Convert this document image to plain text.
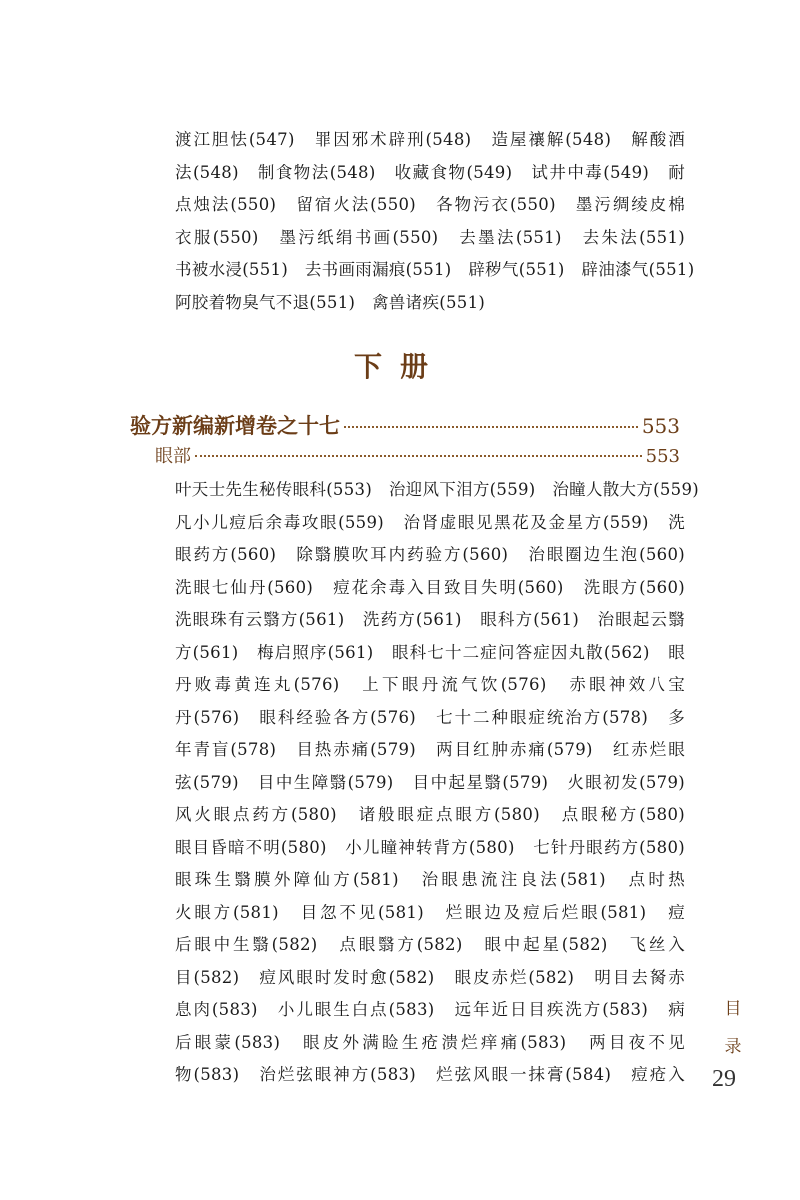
渡江胆怯(547)　罪因邪术辟刑(548)　造屋禳解(548)　解酸酒
法(548)　制食物法(548)　收藏食物(549)　试井中毒(549)　耐
点烛法(550)　留宿火法(550)　各物污衣(550)　墨污绸绫皮棉
衣服(550)　墨污纸绢书画(550)　去墨法(551)　去朱法(551)
书被水浸(551)　去书画雨漏痕(551)　辟秽气(551)　辟油漆气(551)
阿胶着物臭气不退(551)　禽兽诸疾(551)
下册
验方新编新增卷之十七	553
眼部	553
叶天士先生秘传眼科(553)　治迎风下泪方(559)　治瞳人散大方(559)
凡小儿痘后余毒攻眼(559)　治肾虚眼见黑花及金星方(559)　洗
眼药方(560)　除翳膜吹耳内药验方(560)　治眼圈边生泡(560)
洗眼七仙丹(560)　痘花余毒入目致目失明(560)　洗眼方(560)
洗眼珠有云翳方(561)　洗药方(561)　眼科方(561)　治眼起云翳
方(561)　梅启照序(561)　眼科七十二症问答症因丸散(562)　眼
丹败毒黄连丸(576)　上下眼丹流气饮(576)　赤眼神效八宝
丹(576)　眼科经验各方(576)　七十二种眼症统治方(578)　多
年青盲(578)　目热赤痛(579)　两目红肿赤痛(579)　红赤烂眼
弦(579)　目中生障翳(579)　目中起星翳(579)　火眼初发(579)
风火眼点药方(580)　诸般眼症点眼方(580)　点眼秘方(580)
眼目昏暗不明(580)　小儿瞳神转背方(580)　七针丹眼药方(580)
眼珠生翳膜外障仙方(581)　治眼患流注良法(581)　点时热
火眼方(581)　目忽不见(581)　烂眼边及痘后烂眼(581)　痘
后眼中生翳(582)　点眼翳方(582)　眼中起星(582)　飞丝入
目(582)　痘风眼时发时愈(582)　眼皮赤烂(582)　明目去胬赤
息肉(583)　小儿眼生白点(583)　远年近日目疾洗方(583)　病
后眼蒙(583)　眼皮外满睑生疮溃烂痒痛(583)　两目夜不见
物(583)　治烂弦眼神方(583)　烂弦风眼一抹膏(584)　痘疮入
目
录
29
